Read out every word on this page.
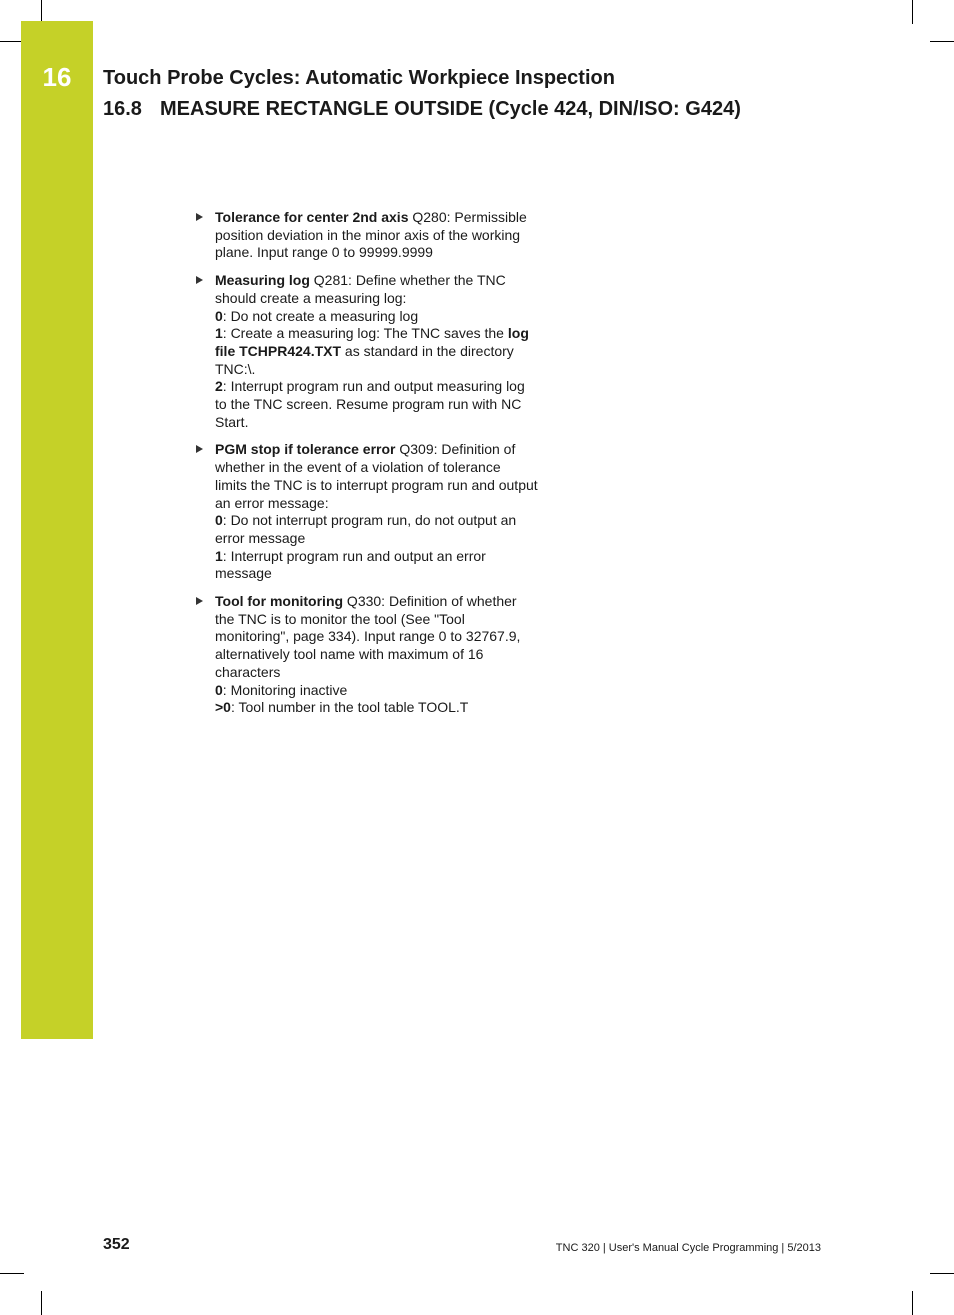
16	Touch Probe Cycles: Automatic Workpiece Inspection
16.8 MEASURE RECTANGLE OUTSIDE (Cycle 424, DIN/ISO: G424)
Tolerance for center 2nd axis Q280: Permissible
position deviation in the minor axis of the working
plane. Input range 0 to 99999.9999
Measuring log Q281: Define whether the TNC
should create a measuring log:
0: Do not create a measuring log
1: Create a measuring log: The TNC saves the log
file TCHPR424.TXT as standard in the directory
TNC:\.
2: Interrupt program run and output measuring log
to the TNC screen. Resume program run with NC
Start.
PGM stop if tolerance error Q309: Definition of
whether in the event of a violation of tolerance
limits the TNC is to interrupt program run and output
an error message:
0: Do not interrupt program run, do not output an
error message
1: Interrupt program run and output an error
message
Tool for monitoring Q330: Definition of whether
the TNC is to monitor the tool (See "Tool
monitoring", page 334). Input range 0 to 32767.9,
alternatively tool name with maximum of 16
characters
0: Monitoring inactive
>0: Tool number in the tool table TOOL.T
352	TNC 320 | User's Manual Cycle Programming | 5/2013
